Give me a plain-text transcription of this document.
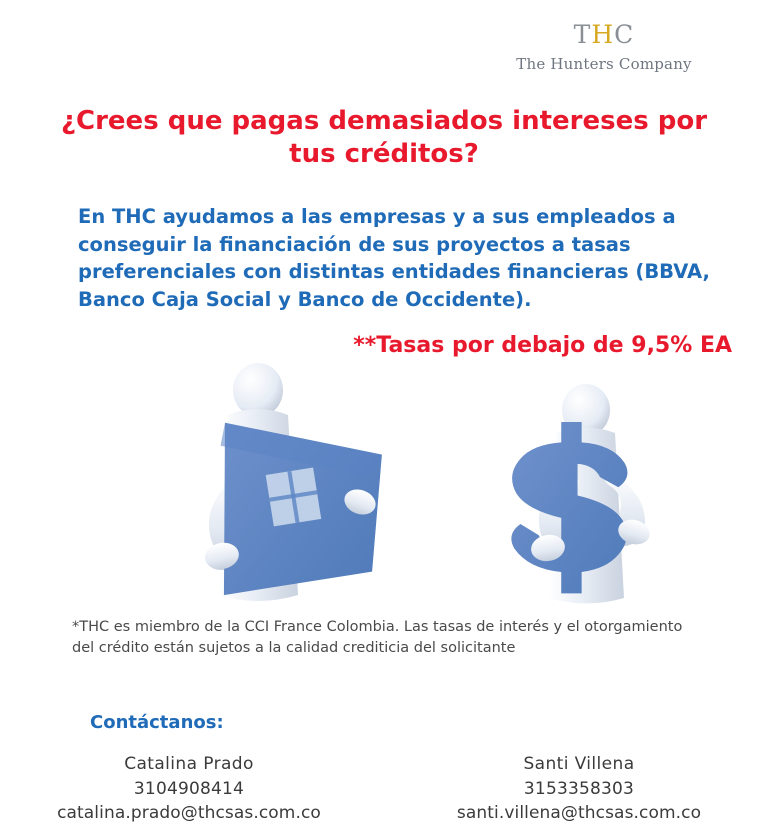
THC
The Hunters Company
¿Crees que pagas demasiados intereses por tus créditos?
En THC ayudamos a las empresas y a sus empleados a conseguir la financiación de sus proyectos a tasas preferenciales con distintas entidades financieras (BBVA, Banco Caja Social y Banco de Occidente).
**Tasas por debajo de 9,5% EA
*THC es miembro de la CCI France Colombia. Las tasas de interés y el otorgamiento del crédito están sujetos a la calidad crediticia del solicitante
Contáctanos:
Catalina Prado
3104908414
catalina.prado@thcsas.com.co
Santi Villena
3153358303
santi.villena@thcsas.com.co
